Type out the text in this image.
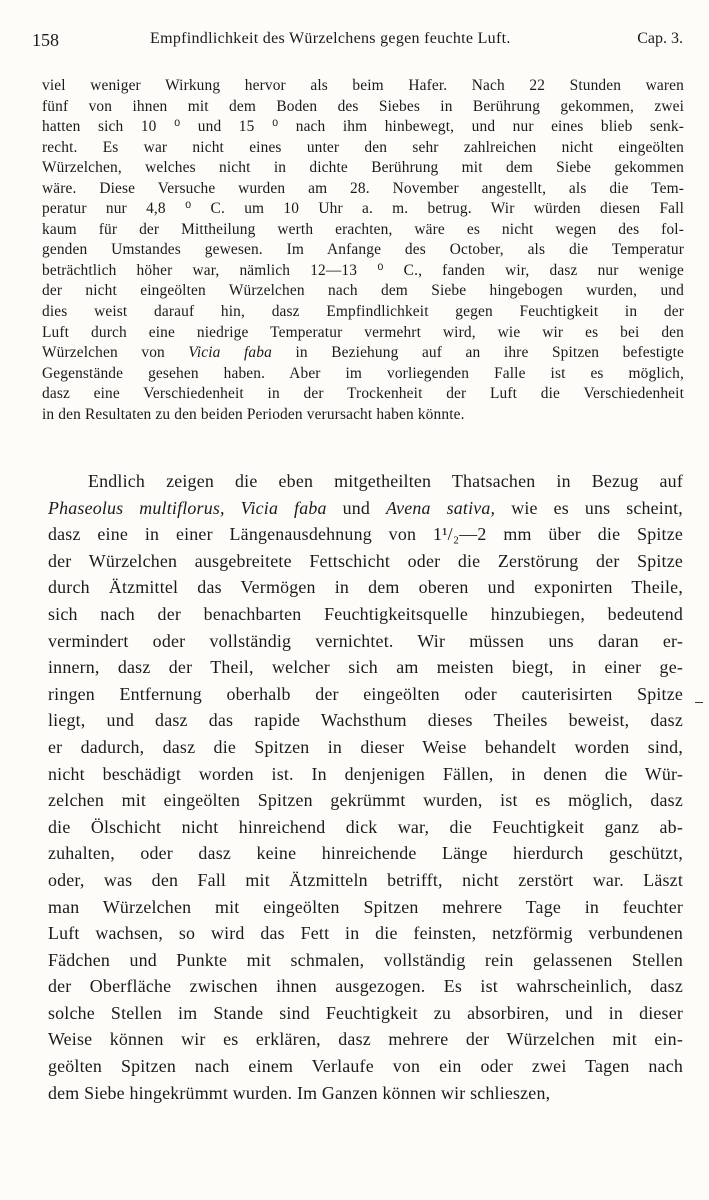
158	Empfindlichkeit des Würzelchens gegen feuchte Luft.	Cap. 3.
viel weniger Wirkung hervor als beim Hafer. Nach 22 Stunden waren
fünf von ihnen mit dem Boden des Siebes in Berührung gekommen, zwei
hatten sich 10 ⁰ und 15 ⁰ nach ihm hinbewegt, und nur eines blieb senk-
recht. Es war nicht eines unter den sehr zahlreichen nicht eingeölten
Würzelchen, welches nicht in dichte Berührung mit dem Siebe gekommen
wäre. Diese Versuche wurden am 28. November angestellt, als die Tem-
peratur nur 4,8 ⁰ C. um 10 Uhr a. m. betrug. Wir würden diesen Fall
kaum für der Mittheilung werth erachten, wäre es nicht wegen des fol-
genden Umstandes gewesen. Im Anfange des October, als die Temperatur
beträchtlich höher war, nämlich 12—13 ⁰ C., fanden wir, dasz nur wenige
der nicht eingeölten Würzelchen nach dem Siebe hingebogen wurden, und
dies weist darauf hin, dasz Empfindlichkeit gegen Feuchtigkeit in der
Luft durch eine niedrige Temperatur vermehrt wird, wie wir es bei den
Würzelchen von Vicia faba in Beziehung auf an ihre Spitzen befestigte
Gegenstände gesehen haben. Aber im vorliegenden Falle ist es möglich,
dasz eine Verschiedenheit in der Trockenheit der Luft die Verschiedenheit
in den Resultaten zu den beiden Perioden verursacht haben könnte.
Endlich zeigen die eben mitgetheilten Thatsachen in Bezug auf
Phaseolus multiflorus, Vicia faba und Avena sativa, wie es uns scheint,
dasz eine in einer Längenausdehnung von 1¹/₂—2 mm über die Spitze
der Würzelchen ausgebreitete Fettschicht oder die Zerstörung der Spitze
durch Ätzmittel das Vermögen in dem oberen und exponirten Theile,
sich nach der benachbarten Feuchtigkeitsquelle hinzubiegen, bedeutend
vermindert oder vollständig vernichtet. Wir müssen uns daran er-
innern, dasz der Theil, welcher sich am meisten biegt, in einer ge-
ringen Entfernung oberhalb der eingeölten oder cauterisirten Spitze
liegt, und dasz das rapide Wachsthum dieses Theiles beweist, dasz
er dadurch, dasz die Spitzen in dieser Weise behandelt worden sind,
nicht beschädigt worden ist. In denjenigen Fällen, in denen die Wür-
zelchen mit eingeölten Spitzen gekrümmt wurden, ist es möglich, dasz
die Ölschicht nicht hinreichend dick war, die Feuchtigkeit ganz ab-
zuhalten, oder dasz keine hinreichende Länge hierdurch geschützt,
oder, was den Fall mit Ätzmitteln betrifft, nicht zerstört war. Läszt
man Würzelchen mit eingeölten Spitzen mehrere Tage in feuchter
Luft wachsen, so wird das Fett in die feinsten, netzförmig verbundenen
Fädchen und Punkte mit schmalen, vollständig rein gelassenen Stellen
der Oberfläche zwischen ihnen ausgezogen. Es ist wahrscheinlich, dasz
solche Stellen im Stande sind Feuchtigkeit zu absorbiren, und in dieser
Weise können wir es erklären, dasz mehrere der Würzelchen mit ein-
geölten Spitzen nach einem Verlaufe von ein oder zwei Tagen nach
dem Siebe hingekrümmt wurden. Im Ganzen können wir schlieszen,
